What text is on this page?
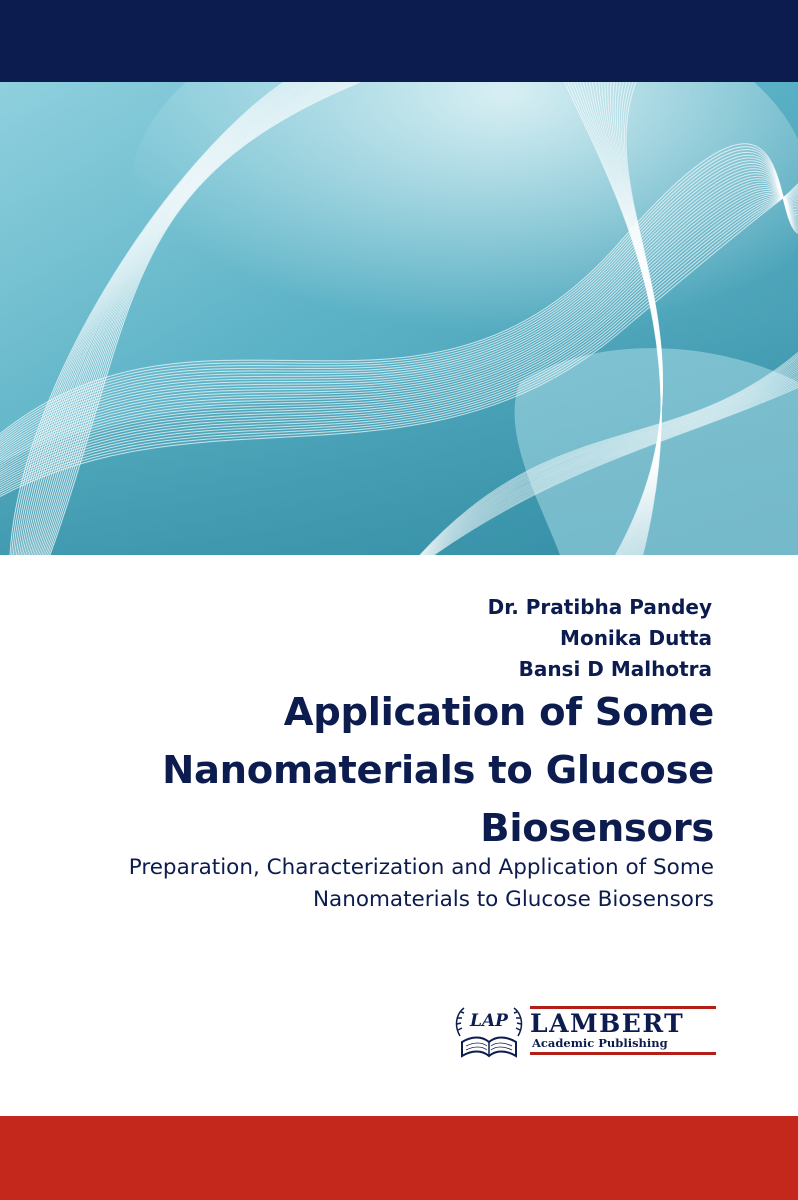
Dr. Pratibha Pandey
Monika Dutta
Bansi D Malhotra
Application of Some
Nanomaterials to Glucose
Biosensors
Preparation, Characterization and Application of Some
Nanomaterials to Glucose Biosensors
LAP LAMBERT
Academic Publishing
